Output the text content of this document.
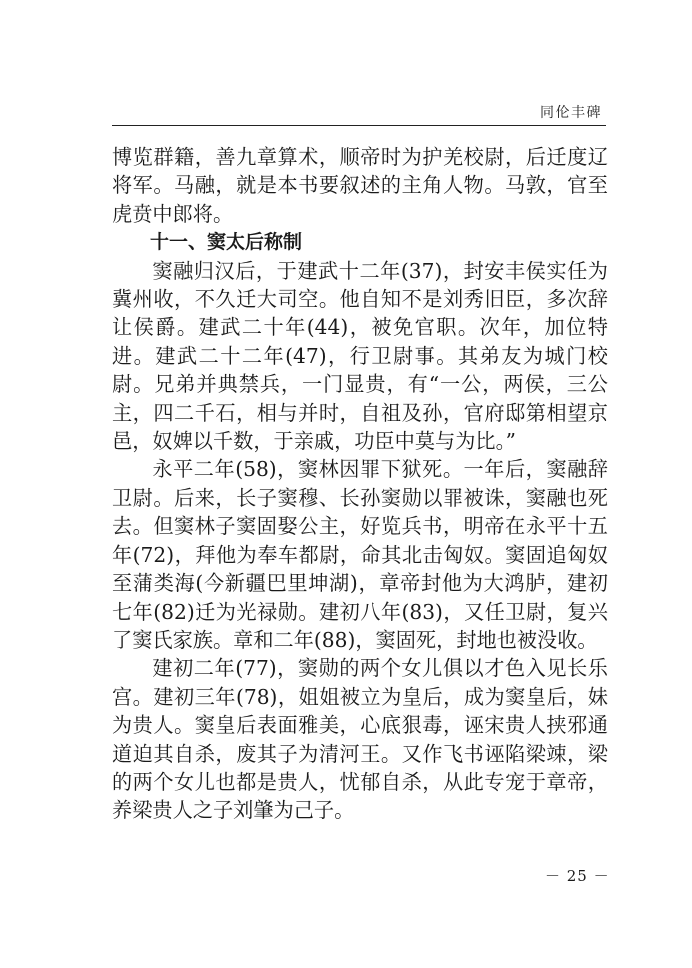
同伦丰碑

博览群籍，善九章算术，顺帝时为护羌校尉，后迁度辽将军。马融，就是本书要叙述的主角人物。马敦，官至虎贲中郎将。

十一、窦太后称制

窦融归汉后，于建武十二年(37)，封安丰侯实任为冀州收，不久迁大司空。他自知不是刘秀旧臣，多次辞让侯爵。建武二十年(44)，被免官职。次年，加位特进。建武二十二年(47)，行卫尉事。其弟友为城门校尉。兄弟并典禁兵，一门显贵，有“一公，两侯，三公主，四二千石，相与并时，自祖及孙，官府邸第相望京邑，奴婢以千数，于亲戚，功臣中莫与为比。”

永平二年(58)，窦林因罪下狱死。一年后，窦融辞卫尉。后来，长子窦穆、长孙窦勋以罪被诛，窦融也死去。但窦林子窦固娶公主，好览兵书，明帝在永平十五年(72)，拜他为奉车都尉，命其北击匈奴。窦固追匈奴至蒲类海(今新疆巴里坤湖)，章帝封他为大鸿胪，建初七年(82)迁为光禄勋。建初八年(83)，又任卫尉，复兴了窦氏家族。章和二年(88)，窦固死，封地也被没收。

建初二年(77)，窦勋的两个女儿俱以才色入见长乐宫。建初三年(78)，姐姐被立为皇后，成为窦皇后，妹为贵人。窦皇后表面雅美，心底狠毒，诬宋贵人挟邪通道迫其自杀，废其子为清河王。又作飞书诬陷梁竦，梁的两个女儿也都是贵人，忧郁自杀，从此专宠于章帝，养梁贵人之子刘肇为己子。

－ 25 －
